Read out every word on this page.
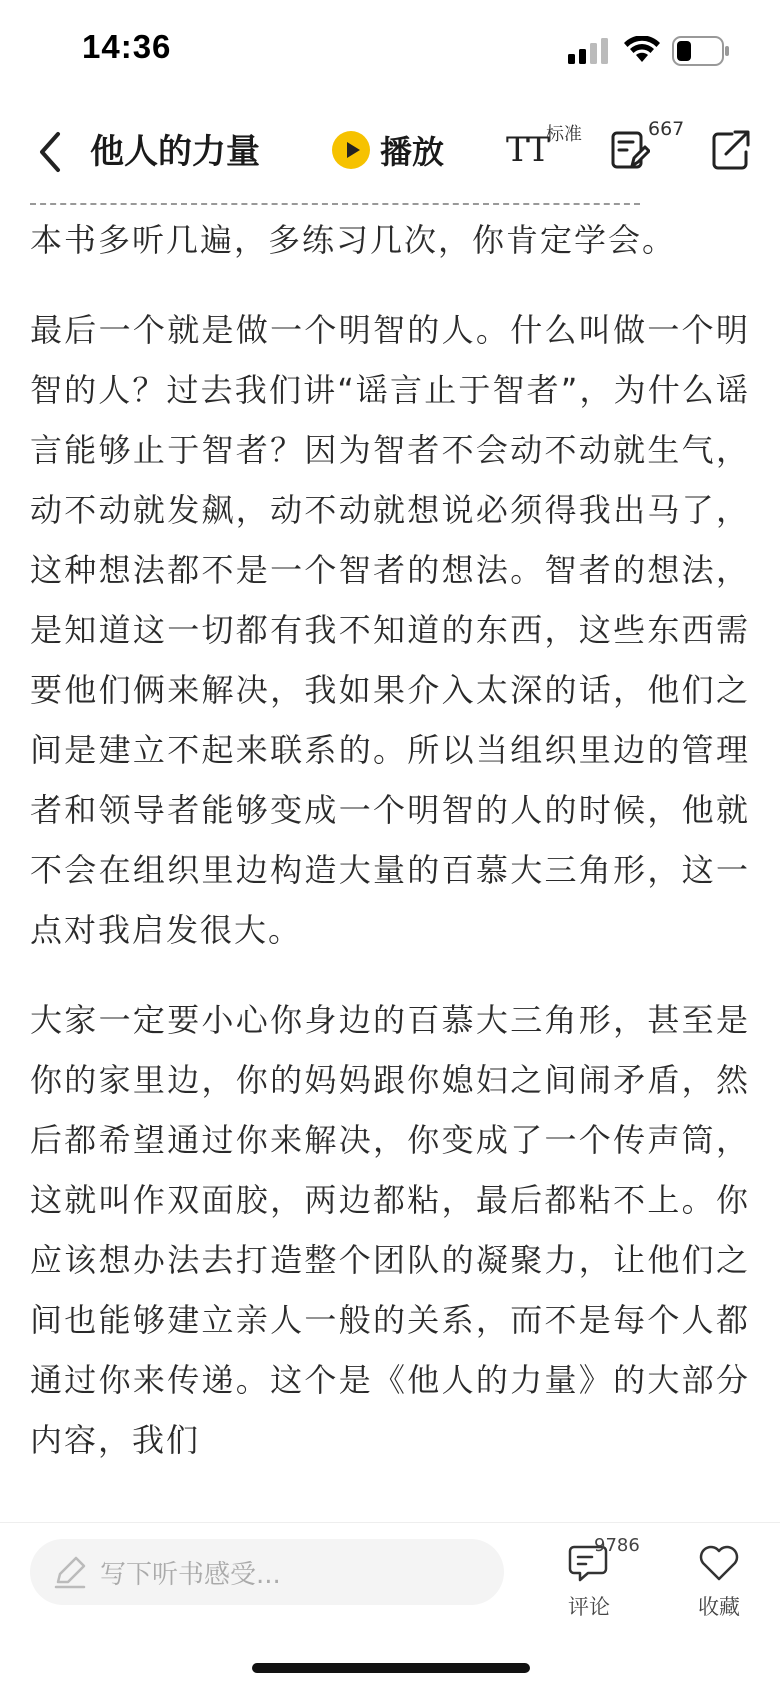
14:36
他人的力量	播放 TT
标准	667

本书多听几遍，多练习几次，你肯定学会。

最后一个就是做一个明智的人。什么叫做一个明智的人？过去我们讲“谣言止于智者”，为什么谣言能够止于智者？因为智者不会动不动就生气，动不动就发飙，动不动就想说必须得我出马了，这种想法都不是一个智者的想法。智者的想法，是知道这一切都有我不知道的东西，这些东西需要他们俩来解决，我如果介入太深的话，他们之间是建立不起来联系的。所以当组织里边的管理者和领导者能够变成一个明智的人的时候，他就不会在组织里边构造大量的百慕大三角形，这一点对我启发很大。

大家一定要小心你身边的百慕大三角形，甚至是你的家里边，你的妈妈跟你媳妇之间闹矛盾，然后都希望通过你来解决，你变成了一个传声筒，这就叫作双面胶，两边都粘，最后都粘不上。你应该想办法去打造整个团队的凝聚力，让他们之间也能够建立亲人一般的关系，而不是每个人都通过你来传递。这个是《他人的力量》的大部分内容，我们

写下听书感受...
9786
评论	收藏
